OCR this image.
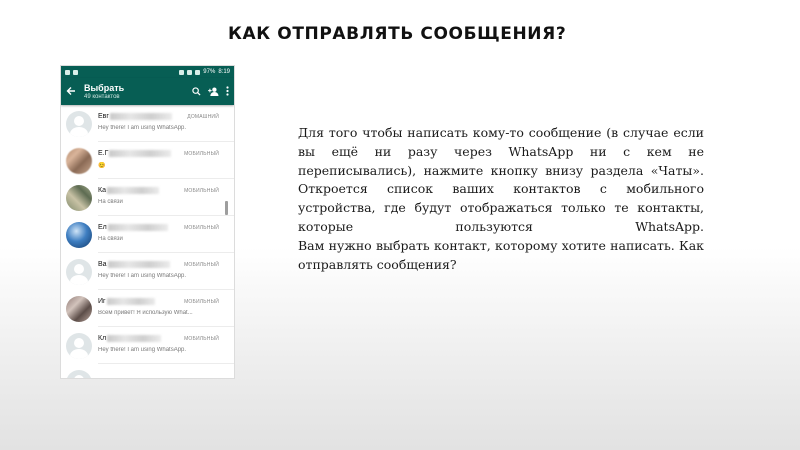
КАК ОТПРАВЛЯТЬ СООБЩЕНИЯ?
97% 8:19
Выбрать
49 контактов
Евг	ДОМАШНИЙ
Hey there! I am using WhatsApp.
Е.Г	МОБИЛЬНЫЙ
😊
Ка	МОБИЛЬНЫЙ
На связи
Ел	МОБИЛЬНЫЙ
На связи
Ва	МОБИЛЬНЫЙ
Hey there! I am using WhatsApp.
Иг	МОБИЛЬНЫЙ
Всем привет! Я использую What...
Кл	МОБИЛЬНЫЙ
Hey there! I am using WhatsApp.

Для того чтобы написать кому-то сообщение (в случае если вы ещё ни разу через WhatsApp ни с кем не переписывались), нажмите кнопку внизу раздела «Чаты». Откроется список ваших контактов с мобильного устройства, где будут отображаться только те контакты, которые пользуются WhatsApp.

Вам нужно выбрать контакт, которому хотите написать. Как отправлять сообщения?
